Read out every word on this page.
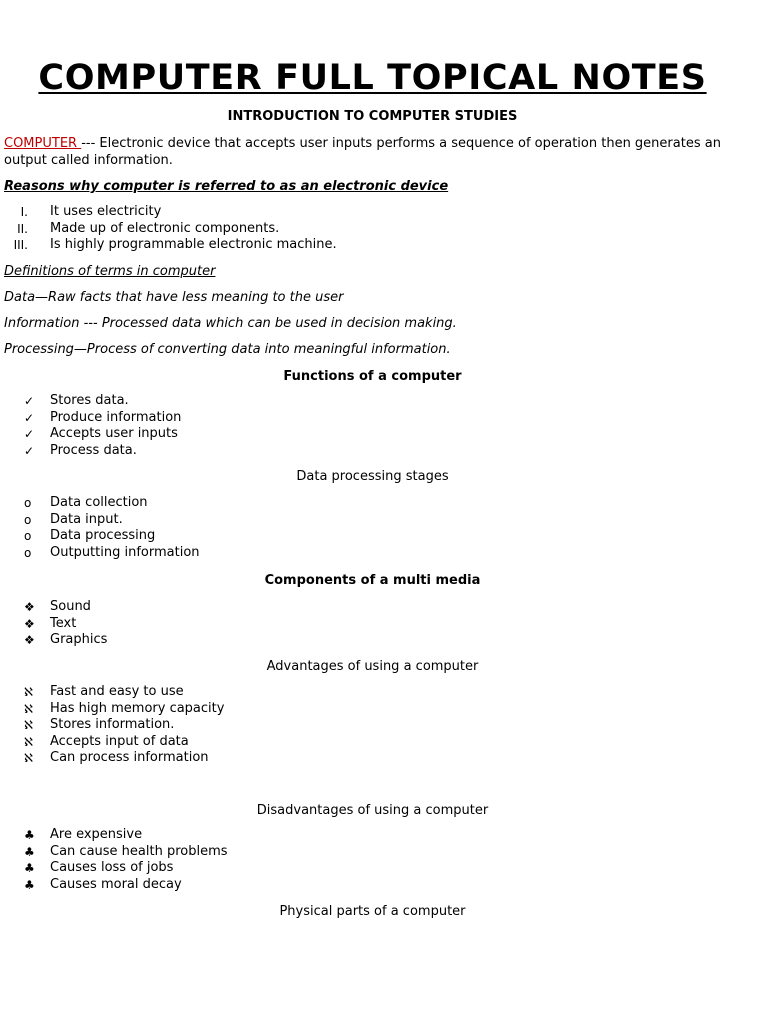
COMPUTER FULL TOPICAL NOTES
INTRODUCTION TO COMPUTER STUDIES
COMPUTER --- Electronic device that accepts user inputs performs a sequence of operation then generates an output called information.
Reasons why computer is referred to as an electronic device
I. It uses electricity
II. Made up of electronic components.
III. Is highly programmable electronic machine.
Definitions of terms in computer
Data—Raw facts that have less meaning to the user
Information --- Processed data which can be used in decision making.
Processing—Process of converting data into meaningful information.
Functions of a computer
✓	Stores data.
✓	Produce information
✓	Accepts user inputs
✓	Process data.
Data processing stages
o	Data collection
o	Data input.
o	Data processing
o	Outputting information
Components of a multi media
❖	Sound
❖	Text
❖	Graphics
Advantages of using a computer
ℵ	Fast and easy to use
ℵ	Has high memory capacity
ℵ	Stores information.
ℵ	Accepts input of data
ℵ	Can process information
Disadvantages of using a computer
♣	Are expensive
♣	Can cause health problems
♣	Causes loss of jobs
♣	Causes moral decay
Physical parts of a computer
